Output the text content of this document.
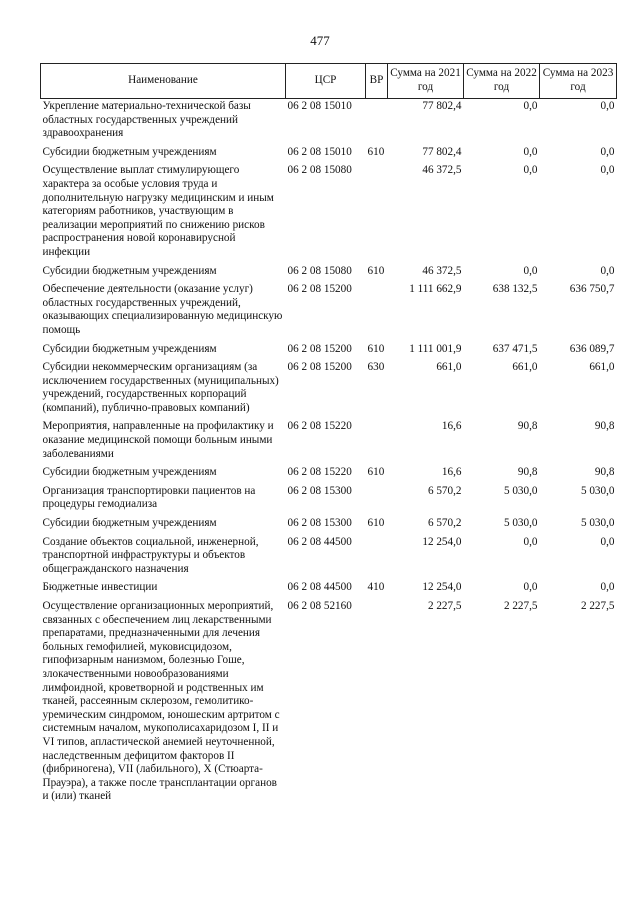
477
Наименование	ЦСР	ВР	Сумма на 2021 год	Сумма на 2022 год	Сумма на 2023 год
Укрепление материально-технической базы областных государственных учреждений здравоохранения	06 2 08 15010		77 802,4	0,0	0,0
Субсидии бюджетным учреждениям	06 2 08 15010	610	77 802,4	0,0	0,0
Осуществление выплат стимулирующего характера за особые условия труда и дополнительную нагрузку медицинским и иным категориям работников, участвующим в реализации мероприятий по снижению рисков распространения новой коронавирусной инфекции	06 2 08 15080		46 372,5	0,0	0,0
Субсидии бюджетным учреждениям	06 2 08 15080	610	46 372,5	0,0	0,0
Обеспечение деятельности (оказание услуг) областных государственных учреждений, оказывающих специализированную медицинскую помощь	06 2 08 15200		1 111 662,9	638 132,5	636 750,7
Субсидии бюджетным учреждениям	06 2 08 15200	610	1 111 001,9	637 471,5	636 089,7
Субсидии некоммерческим организациям (за исключением государственных (муниципальных) учреждений, государственных корпораций (компаний), публично-правовых компаний)	06 2 08 15200	630	661,0	661,0	661,0
Мероприятия, направленные на профилактику и оказание медицинской помощи больным иными заболеваниями	06 2 08 15220		16,6	90,8	90,8
Субсидии бюджетным учреждениям	06 2 08 15220	610	16,6	90,8	90,8
Организация транспортировки пациентов на процедуры гемодиализа	06 2 08 15300		6 570,2	5 030,0	5 030,0
Субсидии бюджетным учреждениям	06 2 08 15300	610	6 570,2	5 030,0	5 030,0
Создание объектов социальной, инженерной, транспортной инфраструктуры и объектов общегражданского назначения	06 2 08 44500		12 254,0	0,0	0,0
Бюджетные инвестиции	06 2 08 44500	410	12 254,0	0,0	0,0
Осуществление организационных мероприятий, связанных с обеспечением лиц лекарственными препаратами, предназначенными для лечения больных гемофилией, муковисцидозом, гипофизарным нанизмом, болезнью Гоше, злокачественными новообразованиями лимфоидной, кроветворной и родственных им тканей, рассеянным склерозом, гемолитико-уремическим синдромом, юношеским артритом с системным началом, мукополисахаридозом I, II и VI типов, апластической анемией неуточненной, наследственным дефицитом факторов II (фибриногена), VII (лабильного), X (Стюарта-Прауэра), а также после трансплантации органов и (или) тканей	06 2 08 52160		2 227,5	2 227,5	2 227,5
